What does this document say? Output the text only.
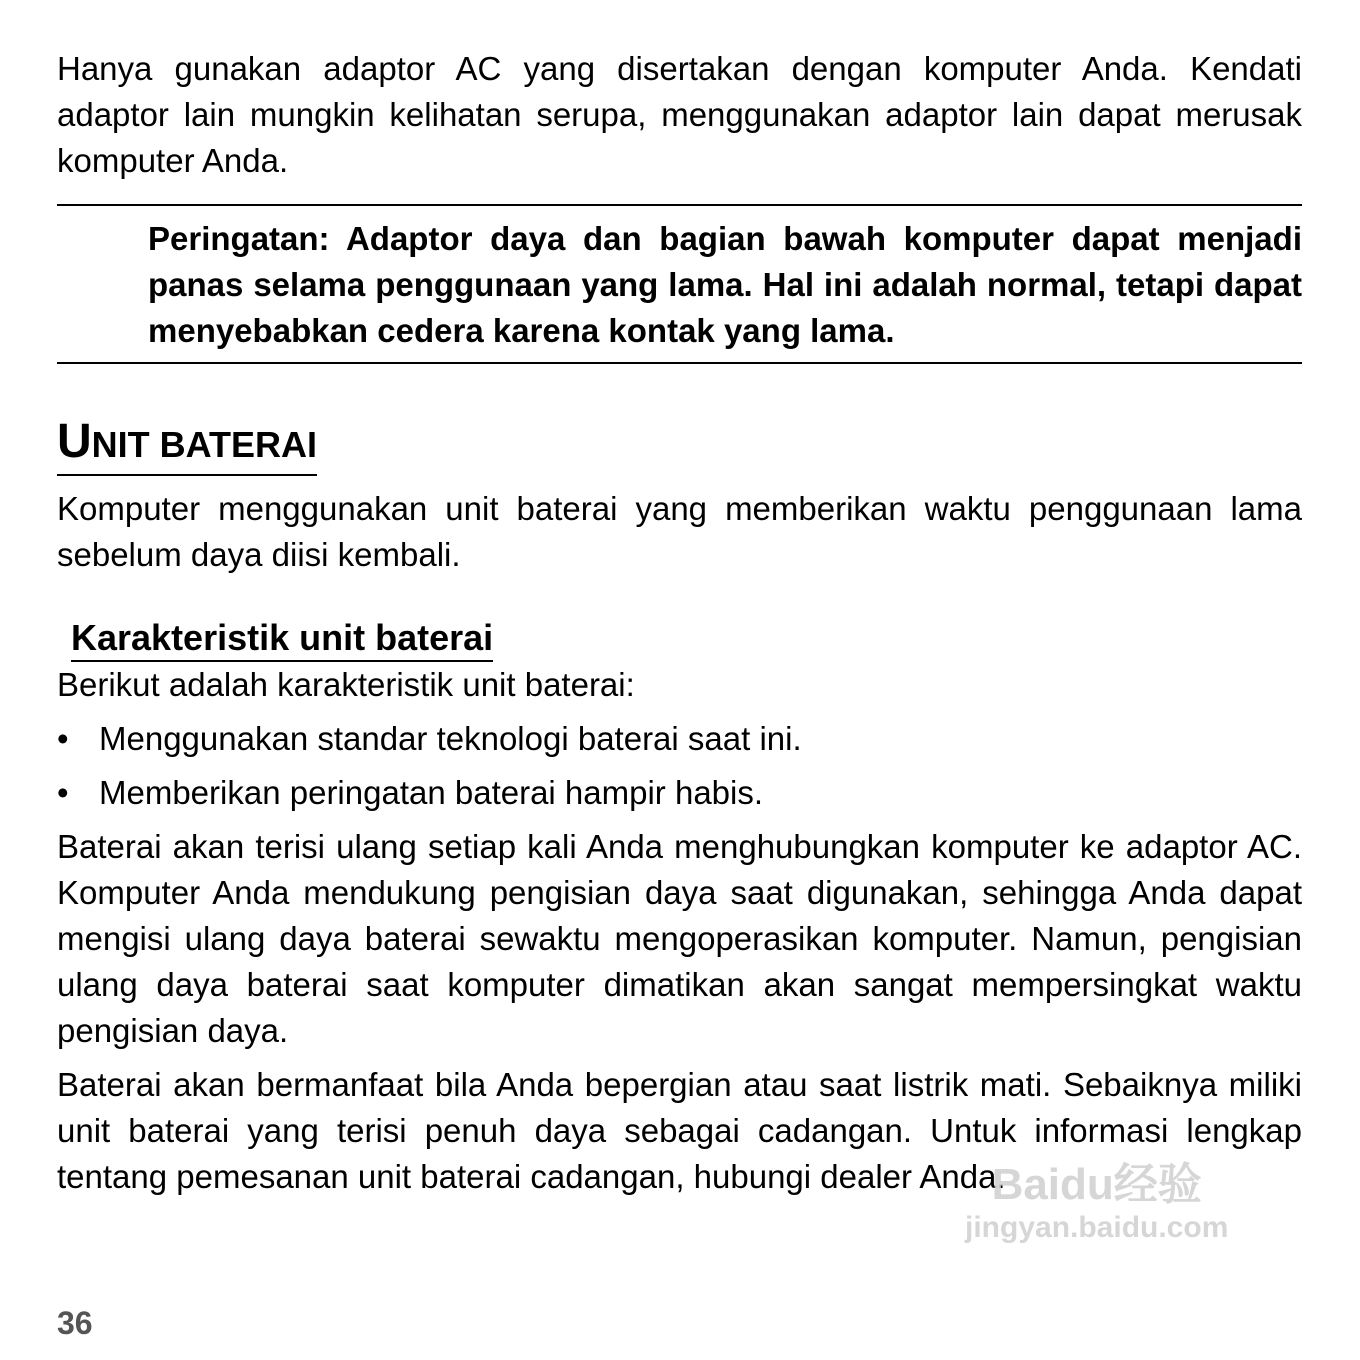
Hanya gunakan adaptor AC yang disertakan dengan komputer Anda. Kendati adaptor lain mungkin kelihatan serupa, menggunakan adaptor lain dapat merusak komputer Anda.

Peringatan: Adaptor daya dan bagian bawah komputer dapat menjadi panas selama penggunaan yang lama. Hal ini adalah normal, tetapi dapat menyebabkan cedera karena kontak yang lama.

UNIT BATERAI

Komputer menggunakan unit baterai yang memberikan waktu penggunaan lama sebelum daya diisi kembali.

Karakteristik unit baterai

Berikut adalah karakteristik unit baterai:

• Menggunakan standar teknologi baterai saat ini.
• Memberikan peringatan baterai hampir habis.

Baterai akan terisi ulang setiap kali Anda menghubungkan komputer ke adaptor AC. Komputer Anda mendukung pengisian daya saat digunakan, sehingga Anda dapat mengisi ulang daya baterai sewaktu mengoperasikan komputer. Namun, pengisian ulang daya baterai saat komputer dimatikan akan sangat mempersingkat waktu pengisian daya.

Baterai akan bermanfaat bila Anda bepergian atau saat listrik mati. Sebaiknya miliki unit baterai yang terisi penuh daya sebagai cadangan. Untuk informasi lengkap tentang pemesanan unit baterai cadangan, hubungi dealer Anda.

36
Baidu经验
jingyan.baidu.com
